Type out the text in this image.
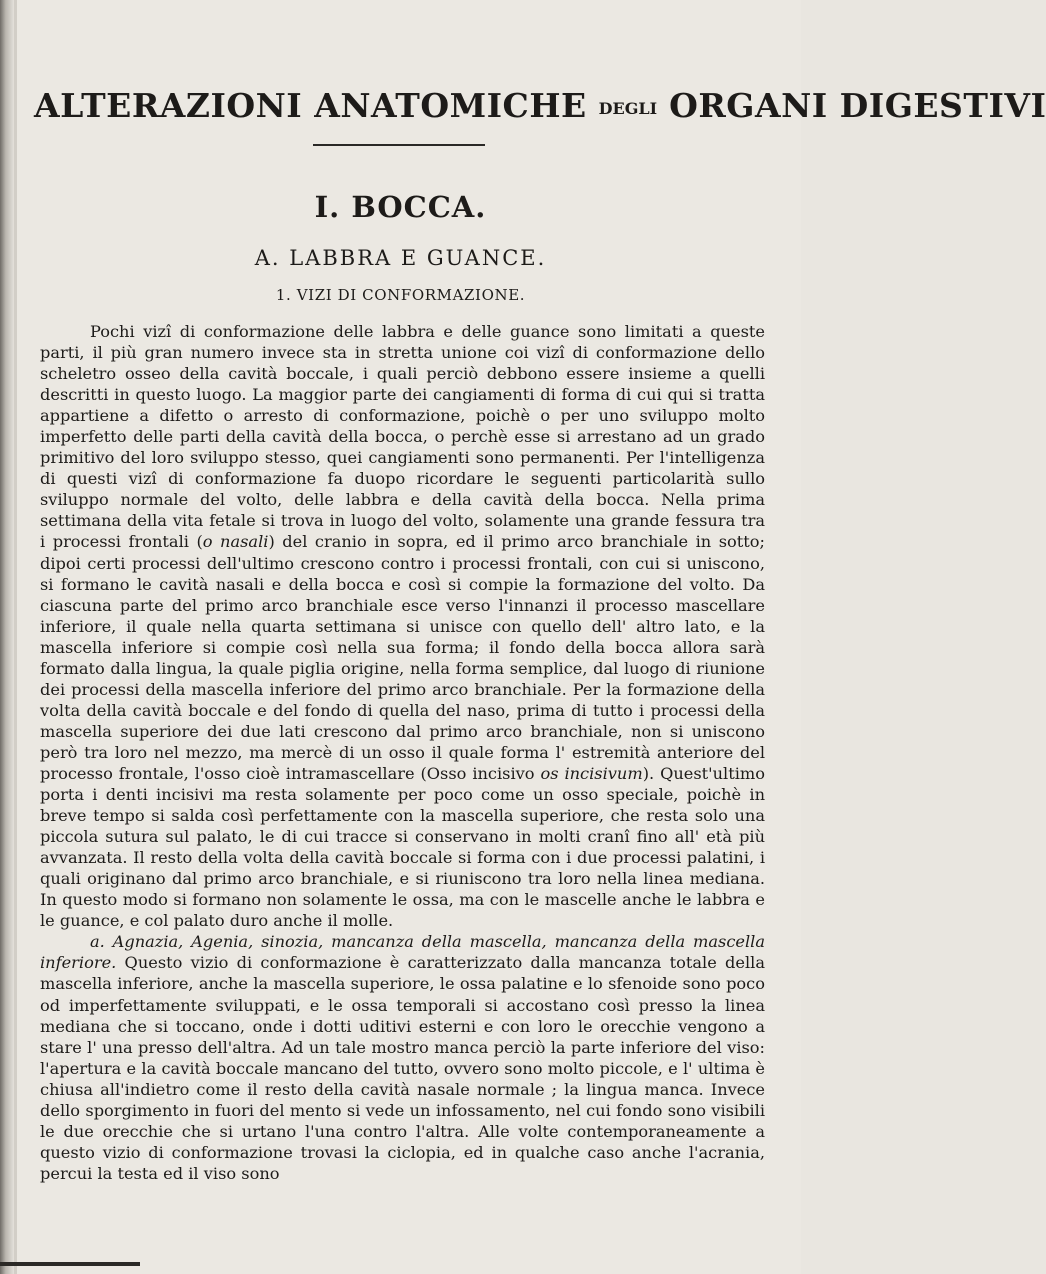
ALTERAZIONI ANATOMICHE DEGLI ORGANI DIGESTIVI
I. BOCCA.
A. LABBRA E GUANCE.
1. VIZI DI CONFORMAZIONE.

Pochi vizî di conformazione delle labbra e delle guance sono limitati a queste parti, il più gran numero invece sta in stretta unione coi vizî di conformazione dello scheletro osseo della cavità boccale, i quali perciò debbono essere insieme a quelli descritti in questo luogo. La maggior parte dei cangiamenti di forma di cui qui si tratta appartiene a difetto o arresto di conformazione, poichè o per uno sviluppo molto imperfetto delle parti della cavità della bocca, o perchè esse si arrestano ad un grado primitivo del loro sviluppo stesso, quei cangiamenti sono permanenti. Per l'intelligenza di questi vizî di conformazione fa duopo ricordare le seguenti particolarità sullo sviluppo normale del volto, delle labbra e della cavità della bocca. Nella prima settimana della vita fetale si trova in luogo del volto, solamente una grande fessura tra i processi frontali (o nasali) del cranio in sopra, ed il primo arco branchiale in sotto; dipoi certi processi dell'ultimo crescono contro i processi frontali, con cui si uniscono, si formano le cavità nasali e della bocca e così si compie la formazione del volto. Da ciascuna parte del primo arco branchiale esce verso l'innanzi il processo mascellare inferiore, il quale nella quarta settimana si unisce con quello dell' altro lato, e la mascella inferiore si compie così nella sua forma; il fondo della bocca allora sarà formato dalla lingua, la quale piglia origine, nella forma semplice, dal luogo di riunione dei processi della mascella inferiore del primo arco branchiale. Per la formazione della volta della cavità boccale e del fondo di quella del naso, prima di tutto i processi della mascella superiore dei due lati crescono dal primo arco branchiale, non si uniscono però tra loro nel mezzo, ma mercè di un osso il quale forma l' estremità anteriore del processo frontale, l'osso cioè intramascellare (Osso incisivo os incisivum). Quest'ultimo porta i denti incisivi ma resta solamente per poco come un osso speciale, poichè in breve tempo si salda così perfettamente con la mascella superiore, che resta solo una piccola sutura sul palato, le di cui tracce si conservano in molti cranî fino all' età più avvanzata. Il resto della volta della cavità boccale si forma con i due processi palatini, i quali originano dal primo arco branchiale, e si riuniscono tra loro nella linea mediana. In questo modo si formano non solamente le ossa, ma con le mascelle anche le labbra e le guance, e col palato duro anche il molle.

a. Agnazia, Agenia, sinozia, mancanza della mascella, mancanza della mascella inferiore. Questo vizio di conformazione è caratterizzato dalla mancanza totale della mascella inferiore, anche la mascella superiore, le ossa palatine e lo sfenoide sono poco od imperfettamente sviluppati, e le ossa temporali si accostano così presso la linea mediana che si toccano, onde i dotti uditivi esterni e con loro le orecchie vengono a stare l' una presso dell'altra. Ad un tale mostro manca perciò la parte inferiore del viso: l'apertura e la cavità boccale mancano del tutto, ovvero sono molto piccole, e l' ultima è chiusa all'indietro come il resto della cavità nasale normale ; la lingua manca. Invece dello sporgimento in fuori del mento si vede un infossamento, nel cui fondo sono visibili le due orecchie che si urtano l'una contro l'altra. Alle volte contemporaneamente a questo vizio di conformazione trovasi la ciclopia, ed in qualche caso anche l'acrania, percui la testa ed il viso sono
